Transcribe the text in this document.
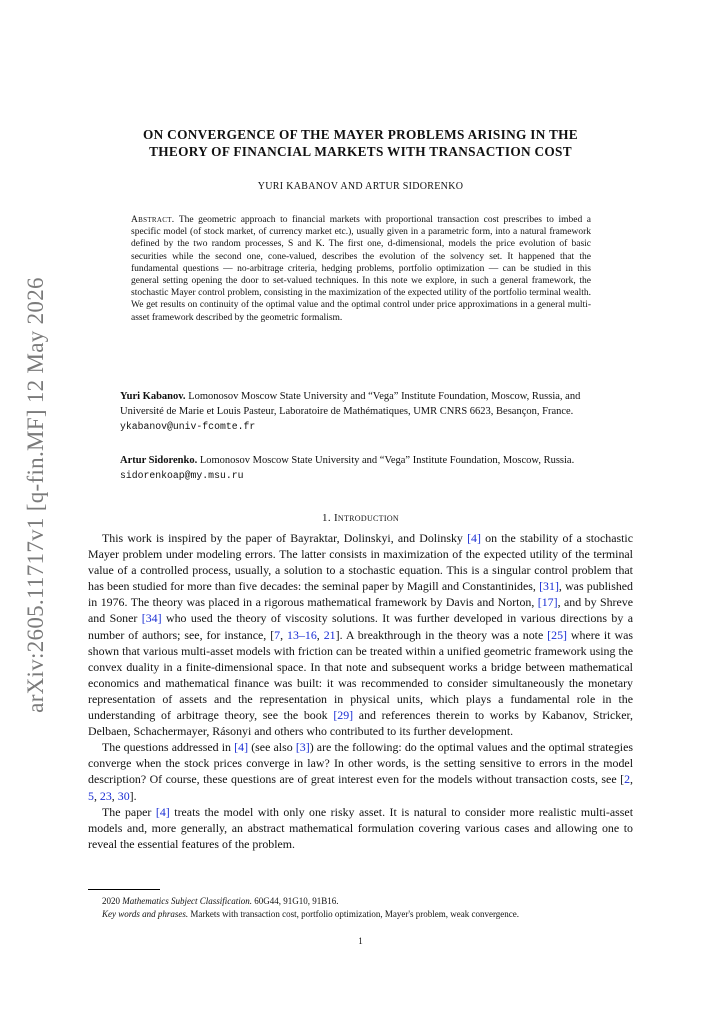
arXiv:2605.11717v1 [q-fin.MF] 12 May 2026
ON CONVERGENCE OF THE MAYER PROBLEMS ARISING IN THE
THEORY OF FINANCIAL MARKETS WITH TRANSACTION COST
YURI KABANOV AND ARTUR SIDORENKO
Abstract. The geometric approach to financial markets with proportional transaction cost prescribes to imbed a specific model (of stock market, of currency market etc.), usually given in a parametric form, into a natural framework defined by the two random processes, S and K. The first one, d-dimensional, models the price evolution of basic securities while the second one, cone-valued, describes the evolution of the solvency set. It happened that the fundamental questions — no-arbitrage criteria, hedging problems, portfolio optimization — can be studied in this general setting opening the door to set-valued techniques. In this note we explore, in such a general framework, the stochastic Mayer control problem, consisting in the maximization of the expected utility of the portfolio terminal wealth. We get results on continuity of the optimal value and the optimal control under price approximations in a general multi-asset framework described by the geometric formalism.
Yuri Kabanov. Lomonosov Moscow State University and “Vega” Institute Foundation, Moscow, Russia, and Université de Marie et Louis Pasteur, Laboratoire de Mathématiques, UMR CNRS 6623, Besançon, France.
ykabanov@univ-fcomte.fr
Artur Sidorenko. Lomonosov Moscow State University and “Vega” Institute Foundation, Moscow, Russia.
sidorenkoap@my.msu.ru
1. Introduction

This work is inspired by the paper of Bayraktar, Dolinskyi, and Dolinsky [4] on the stability of a stochastic Mayer problem under modeling errors. The latter consists in maximization of the expected utility of the terminal value of a controlled process, usually, a solution to a stochastic equation. This is a singular control problem that has been studied for more than five decades: the seminal paper by Magill and Constantinides, [31], was published in 1976. The theory was placed in a rigorous mathematical framework by Davis and Norton, [17], and by Shreve and Soner [34] who used the theory of viscosity solutions. It was further developed in various directions by a number of authors; see, for instance, [7, 13–16, 21]. A breakthrough in the theory was a note [25] where it was shown that various multi-asset models with friction can be treated within a unified geometric framework using the convex duality in a finite-dimensional space. In that note and subsequent works a bridge between mathematical economics and mathematical finance was built: it was recommended to consider simultaneously the monetary representation of assets and the representation in physical units, which plays a fundamental role in the understanding of arbitrage theory, see the book [29] and references therein to works by Kabanov, Stricker, Delbaen, Schachermayer, Rásonyi and others who contributed to its further development.

The questions addressed in [4] (see also [3]) are the following: do the optimal values and the optimal strategies converge when the stock prices converge in law? In other words, is the setting sensitive to errors in the model description? Of course, these questions are of great interest even for the models without transaction costs, see [2, 5, 23, 30].

The paper [4] treats the model with only one risky asset. It is natural to consider more realistic multi-asset models and, more generally, an abstract mathematical formulation covering various cases and allowing one to reveal the essential features of the problem.

2020 Mathematics Subject Classification. 60G44, 91G10, 91B16.
Key words and phrases. Markets with transaction cost, portfolio optimization, Mayer's problem, weak convergence.
1
